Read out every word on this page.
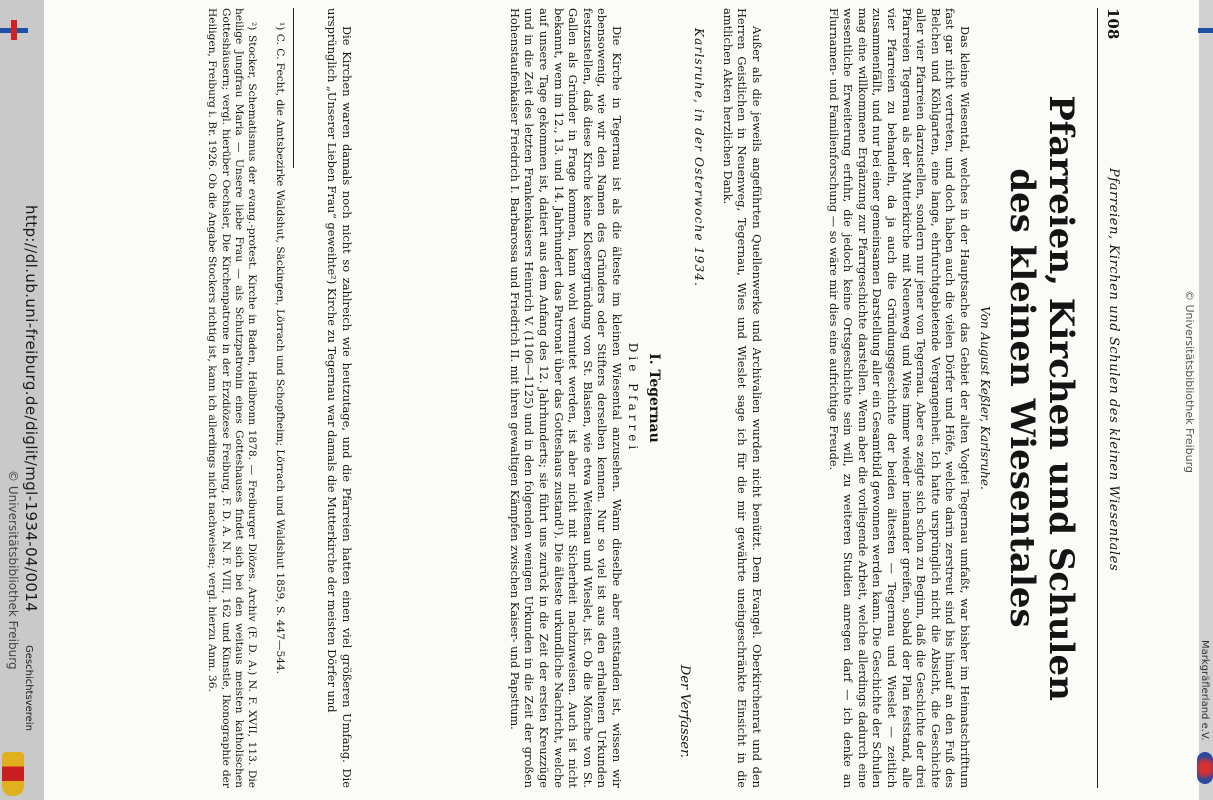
http://dl.ub.uni-freiburg.de/diglit/mgl-1934-04/0014
© Universitätsbibliothek Freiburg
Geschichtsverein	Markgräflerland e.V.
© Universitätsbibliothek Freiburg
108
Pfarreien, Kirchen und Schulen des kleinen Wiesentales
Pfarreien, Kirchen und Schulen
des kleinen Wiesentales
Von August Keßler, Karlsruhe.
Das kleine Wiesental, welches in der Hauptsache das Gebiet der alten Vogtei Tegernau umfaßt, war bisher im Heimatschrifttum fast gar nicht vertreten, und doch haben auch die vielen Dörfer und Höfe, welche darin zerstreut sind bis hinauf an den Fuß des Belchen und Köhlgarten, eine lange, ehrfurchtgebietende Vergangenheit. Ich hatte ursprünglich nicht die Absicht, die Geschichte aller vier Pfarreien darzustellen, sondern nur jener von Tegernau. Aber es zeigte sich schon zu Beginn, daß die Geschichte der drei Pfarreien Tegernau als der Mutterkirche mit Neuenweg und Wies immer wieder ineinander greifen, sobald der Plan feststand, alle vier Pfarreien zu behandeln, da ja auch die Gründungsgeschichte der beiden ältesten — Tegernau und Wieslet — zeitlich zusammenfällt, und nur bei einer gemeinsamen Darstellung aller ein Gesamtbild gewonnen werden kann. Die Geschichte der Schulen mag eine willkommene Ergänzung zur Pfarrgeschichte darstellen. Wenn aber die vorliegende Arbeit, welche allerdings dadurch eine wesentliche Erweiterung erfuhr, die jedoch keine Ortsgeschichte sein will, zu weiteren Studien anregen darf — ich denke an Flurnamen- und Familienforschung — so wäre mir dies eine aufrichtige Freude.
Außer als die jeweils angeführten Quellenwerke und Archivalien wurden nicht benützt. Dem Evangel. Oberkirchenrat und den Herren Geistlichen in Neuenweg, Tegernau, Wies und Wieslet sage ich für die mir gewährte uneingeschränkte Einsicht in die amtlichen Akten herzlichen Dank.
Karlsruhe, in der Osterwoche 1934.
Der Verfasser.
I. Tegernau
Die Pfarrei
Die Kirche in Tegernau ist als die älteste im kleinen Wiesental anzusehen. Wann dieselbe aber entstanden ist, wissen wir ebensowenig, wie wir den Namen des Gründers oder Stifters derselben kennen. Nur so viel ist aus den erhaltenen Urkunden festzustellen, daß diese Kirche keine Klostergründung von St. Blasien, wie etwa Weitenau und Wieslet, ist. Ob die Mönche von St. Gallen als Gründer in Frage kommen, kann wohl vermutet werden, ist aber nicht mit Sicherheit nachzuweisen. Auch ist nicht bekannt, wem im 12., 13. und 14. Jahrhundert das Patronat über das Gotteshaus zustand¹). Die älteste urkundliche Nachricht, welche auf unsere Tage gekommen ist, datiert aus dem Anfang des 12. Jahrhunderts; sie führt uns zurück in die Zeit der ersten Kreuzzüge und in die Zeit des letzten Frankenkaisers Heinrich V. (1106—1125) und in den folgenden wenigen Urkunden in die Zeit der großen Hohenstaufenkaiser Friedrich I. Barbarossa und Friedrich II. mit ihren gewaltigen Kämpfen zwischen Kaiser- und Papsttum.
Die Kirchen waren damals noch nicht so zahlreich wie heutzutage, und die Pfarreien hatten einen viel größeren Umfang. Die ursprünglich „Unserer Lieben Frau“ geweihte²) Kirche zu Tegernau war damals die Mutterkirche der meisten Dörfer und
¹) C. C. Fecht, die Amtsbezirke Waldshut, Säckingen, Lörrach und Schopfheim; Lörrach und Waldshut 1859, S. 447—544.
²) Stocker, Schematismus der evang.-protest. Kirche in Baden, Heilbronn 1878. — Freiburger Diözes. Archiv (F. D. A.) N. F. XVII, 113. Die heilige Jungfrau Maria — Unsere liebe Frau — als Schutzpatronin eines Gotteshauses findet sich bei den weitaus meisten katholischen Gotteshäusern; vergl. hierüber Oechsler, Die Kirchenpatrone in der Erzdiözese Freiburg, F. D. A. N. F. VIII, 162 und Künstle, Ikonographie der Heiligen, Freiburg i. Br. 1926. Ob die Angabe Stockers richtig ist, kann ich allerdings nicht nachweisen; vergl. hierzu Anm. 36.
